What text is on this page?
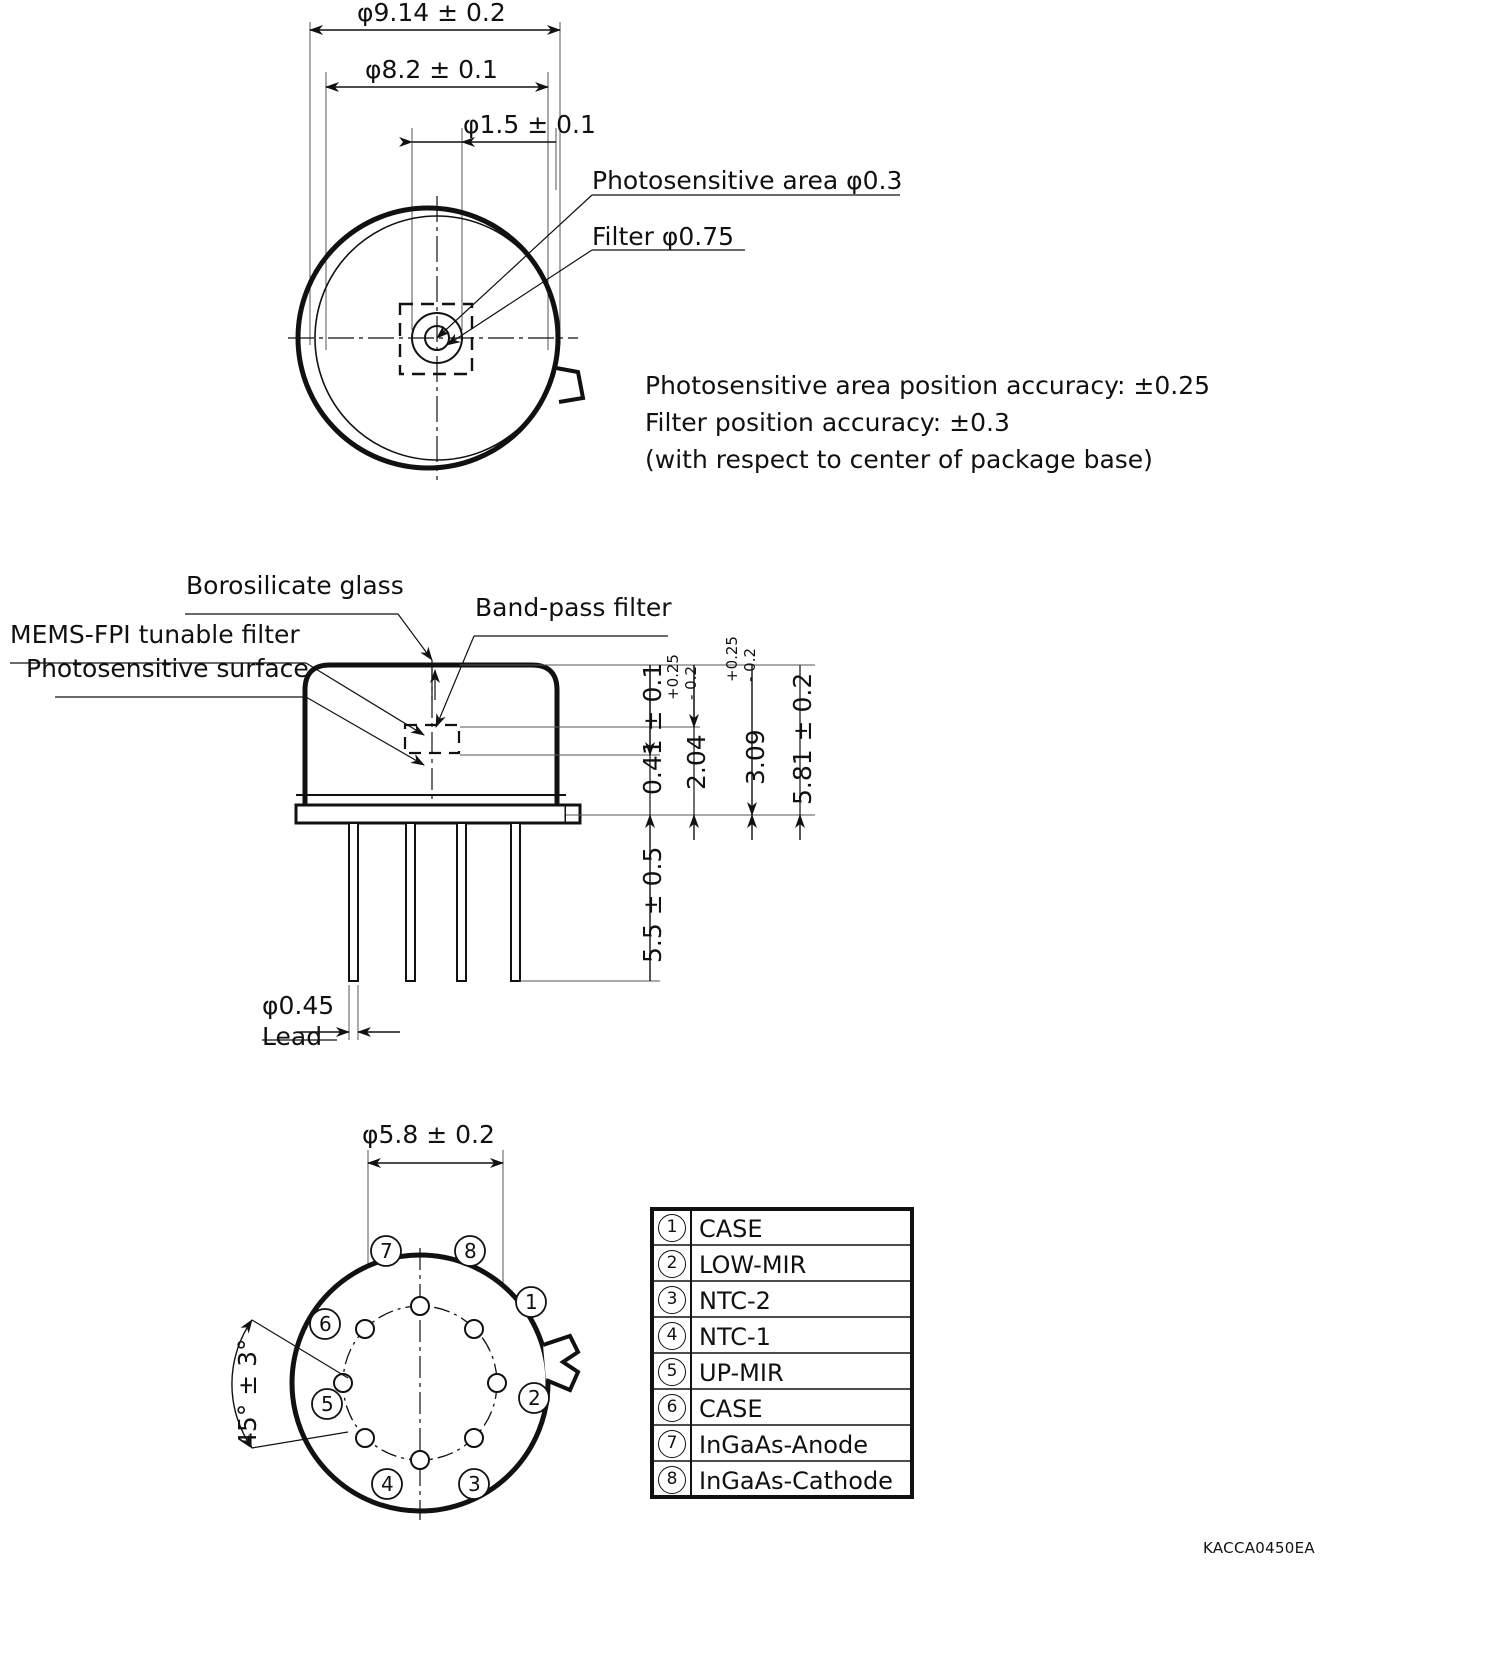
φ9.14 ± 0.2
φ8.2 ± 0.1
φ1.5 ± 0.1
Photosensitive area φ0.3
Filter φ0.75
Photosensitive area position accuracy: ±0.25
Filter position accuracy: ±0.3
(with respect to center of package base)
Borosilicate glass
Band-pass filter
MEMS-FPI tunable filter
Photosensitive surface	0.41 ± 0.1 2.04
+0.25 - 0.2
3.09
+0.25 - 0.2
5.81 ± 0.2
5.5 ± 0.5
φ0.45
Lead
φ5.8 ± 0.2
45° ± 3°
1
2
3
4
5
6
7	8
1 CASE
2 LOW-MIR
3 NTC-2
4 NTC-1
5 UP-MIR
6 CASE
7 InGaAs-Anode
8 InGaAs-Cathode
KACCA0450EA
